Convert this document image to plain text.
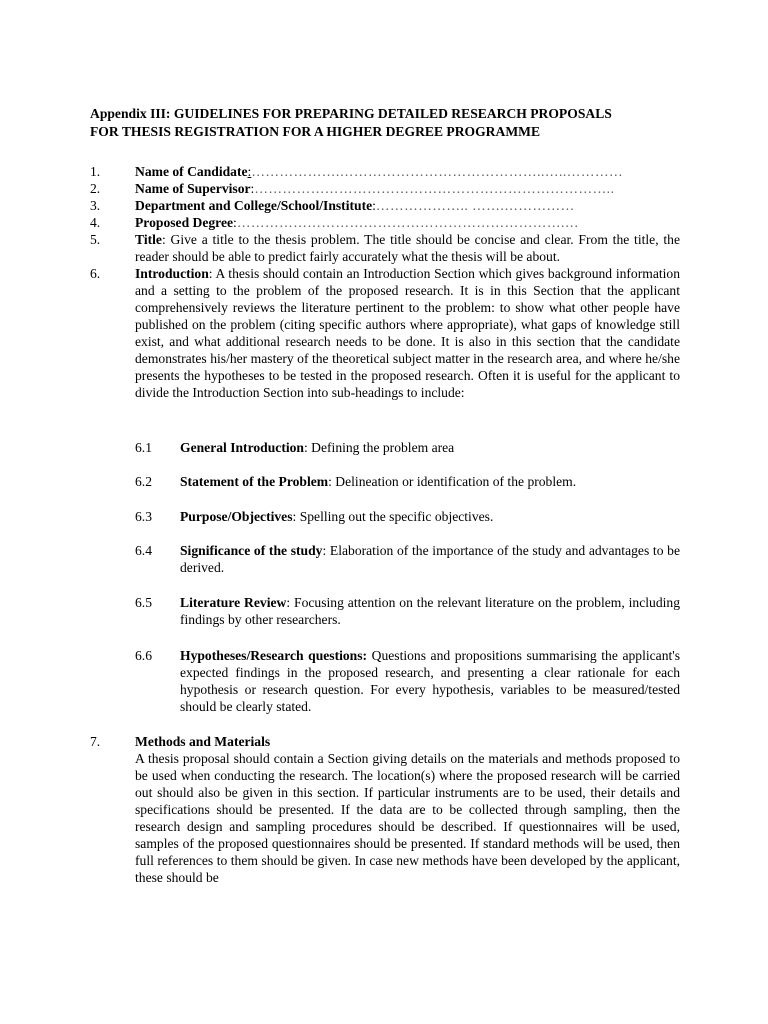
Appendix III: GUIDELINES FOR PREPARING DETAILED RESEARCH PROPOSALS
FOR THESIS REGISTRATION FOR A HIGHER DEGREE PROGRAMME
1.	Name of Candidate:……………….……………………………………..…..…………
2.	Name of Supervisor:…………………………………………………………………..
3.	Department and College/School/Institute:……………….. …….……………
4.	Proposed Degree:…………………………………………………………….…
5.	Title: Give a title to the thesis problem. The title should be concise and clear. From the title, the reader should be able to predict fairly accurately what the thesis will be about.
6.	Introduction: A thesis should contain an Introduction Section which gives background information and a setting to the problem of the proposed research. It is in this Section that the applicant comprehensively reviews the literature pertinent to the problem: to show what other people have published on the problem (citing specific authors where appropriate), what gaps of knowledge still exist, and what additional research needs to be done. It is also in this section that the candidate demonstrates his/her mastery of the theoretical subject matter in the research area, and where he/she presents the hypotheses to be tested in the proposed research. Often it is useful for the applicant to divide the Introduction Section into sub-headings to include:
6.1 General Introduction: Defining the problem area
6.2 Statement of the Problem: Delineation or identification of the problem.
6.3 Purpose/Objectives: Spelling out the specific objectives.
6.4 Significance of the study: Elaboration of the importance of the study and advantages to be derived.
6.5 Literature Review: Focusing attention on the relevant literature on the problem, including findings by other researchers.
6.6 Hypotheses/Research questions: Questions and propositions summarising the applicant's expected findings in the proposed research, and presenting a clear rationale for each hypothesis or research question. For every hypothesis, variables to be measured/tested should be clearly stated.
7.	Methods and Materials
A thesis proposal should contain a Section giving details on the materials and methods proposed to be used when conducting the research. The location(s) where the proposed research will be carried out should also be given in this section. If particular instruments are to be used, their details and specifications should be presented. If the data are to be collected through sampling, then the research design and sampling procedures should be described. If questionnaires will be used, samples of the proposed questionnaires should be presented. If standard methods will be used, then full references to them should be given. In case new methods have been developed by the applicant, these should be
